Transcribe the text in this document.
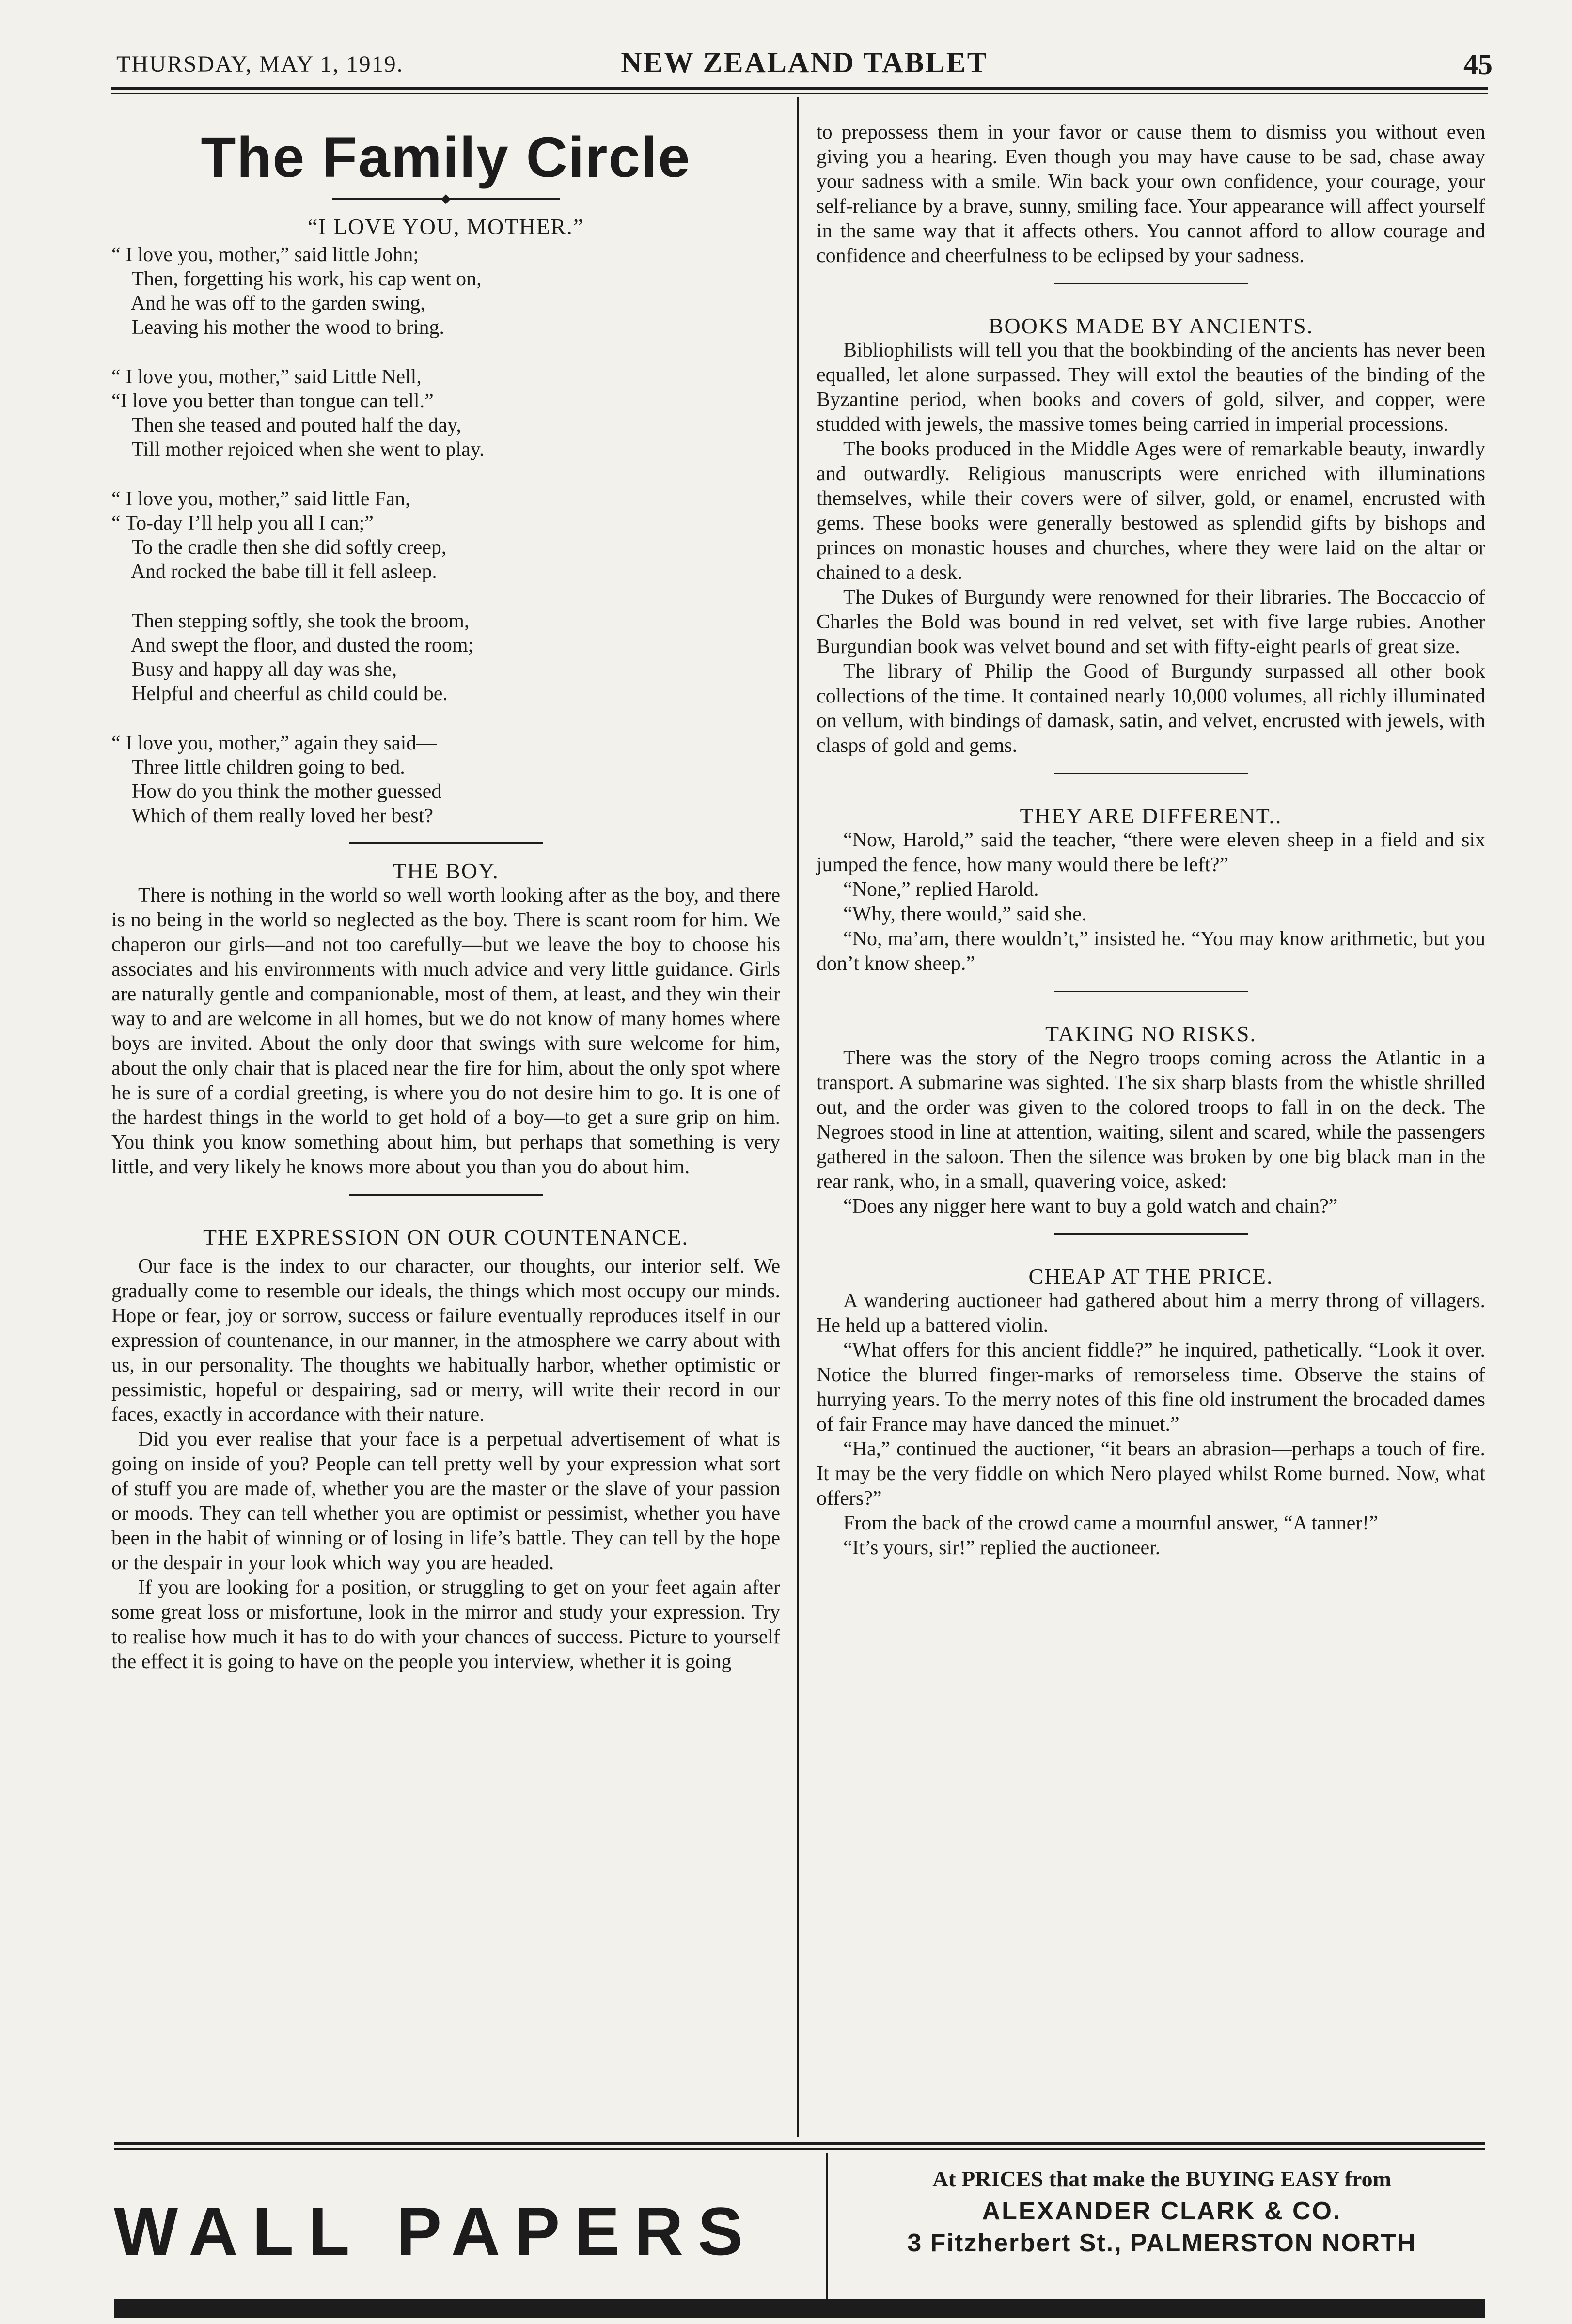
THURSDAY, MAY 1, 1919.	NEW ZEALAND TABLET	45
The Family Circle
◆
“I LOVE YOU, MOTHER.”
“ I love you, mother,” said little John;
Then, forgetting his work, his cap went on,
And he was off to the garden swing,
Leaving his mother the wood to bring.
“ I love you, mother,” said Little Nell,
“I love you better than tongue can tell.”
Then she teased and pouted half the day,
Till mother rejoiced when she went to play.
“ I love you, mother,” said little Fan,
“ To-day I’ll help you all I can;”
To the cradle then she did softly creep,
And rocked the babe till it fell asleep.
Then stepping softly, she took the broom,
And swept the floor, and dusted the room;
Busy and happy all day was she,
Helpful and cheerful as child could be.
“ I love you, mother,” again they said—
Three little children going to bed.
How do you think the mother guessed
Which of them really loved her best?
THE BOY.

There is nothing in the world so well worth looking after as the boy, and there is no being in the world so neglected as the boy. There is scant room for him. We chaperon our girls—and not too carefully—but we leave the boy to choose his associates and his environments with much advice and very little guidance. Girls are naturally gentle and companionable, most of them, at least, and they win their way to and are welcome in all homes, but we do not know of many homes where boys are invited. About the only door that swings with sure welcome for him, about the only chair that is placed near the fire for him, about the only spot where he is sure of a cordial greeting, is where you do not desire him to go. It is one of the hardest things in the world to get hold of a boy—to get a sure grip on him. You think you know something about him, but perhaps that something is very little, and very likely he knows more about you than you do about him.

THE EXPRESSION ON OUR COUNTENANCE.

Our face is the index to our character, our thoughts, our interior self. We gradually come to resemble our ideals, the things which most occupy our minds. Hope or fear, joy or sorrow, success or failure eventually reproduces itself in our expression of countenance, in our manner, in the atmosphere we carry about with us, in our personality. The thoughts we habitually harbor, whether optimistic or pessimistic, hopeful or despairing, sad or merry, will write their record in our faces, exactly in accordance with their nature.

Did you ever realise that your face is a perpetual advertisement of what is going on inside of you? People can tell pretty well by your expression what sort of stuff you are made of, whether you are the master or the slave of your passion or moods. They can tell whether you are optimist or pessimist, whether you have been in the habit of winning or of losing in life’s battle. They can tell by the hope or the despair in your look which way you are headed.

If you are looking for a position, or struggling to get on your feet again after some great loss or misfortune, look in the mirror and study your expression. Try to realise how much it has to do with your chances of success. Picture to yourself the effect it is going to have on the people you interview, whether it is going

to prepossess them in your favor or cause them to dismiss you without even giving you a hearing. Even though you may have cause to be sad, chase away your sadness with a smile. Win back your own confidence, your courage, your self-reliance by a brave, sunny, smiling face. Your appearance will affect yourself in the same way that it affects others. You cannot afford to allow courage and confidence and cheerfulness to be eclipsed by your sadness.

BOOKS MADE BY ANCIENTS.

Bibliophilists will tell you that the bookbinding of the ancients has never been equalled, let alone surpassed. They will extol the beauties of the binding of the Byzantine period, when books and covers of gold, silver, and copper, were studded with jewels, the massive tomes being carried in imperial processions.

The books produced in the Middle Ages were of remarkable beauty, inwardly and outwardly. Religious manuscripts were enriched with illuminations themselves, while their covers were of silver, gold, or enamel, encrusted with gems. These books were generally bestowed as splendid gifts by bishops and princes on monastic houses and churches, where they were laid on the altar or chained to a desk.

The Dukes of Burgundy were renowned for their libraries. The Boccaccio of Charles the Bold was bound in red velvet, set with five large rubies. Another Burgundian book was velvet bound and set with fifty-eight pearls of great size.

The library of Philip the Good of Burgundy surpassed all other book collections of the time. It contained nearly 10,000 volumes, all richly illuminated on vellum, with bindings of damask, satin, and velvet, encrusted with jewels, with clasps of gold and gems.

THEY ARE DIFFERENT..

“Now, Harold,” said the teacher, “there were eleven sheep in a field and six jumped the fence, how many would there be left?”

“None,” replied Harold.

“Why, there would,” said she.

“No, ma’am, there wouldn’t,” insisted he. “You may know arithmetic, but you don’t know sheep.”

TAKING NO RISKS.

There was the story of the Negro troops coming across the Atlantic in a transport. A submarine was sighted. The six sharp blasts from the whistle shrilled out, and the order was given to the colored troops to fall in on the deck. The Negroes stood in line at attention, waiting, silent and scared, while the passengers gathered in the saloon. Then the silence was broken by one big black man in the rear rank, who, in a small, quavering voice, asked:

“Does any nigger here want to buy a gold watch and chain?”

CHEAP AT THE PRICE.

A wandering auctioneer had gathered about him a merry throng of villagers. He held up a battered violin.

“What offers for this ancient fiddle?” he inquired, pathetically. “Look it over. Notice the blurred finger-marks of remorseless time. Observe the stains of hurrying years. To the merry notes of this fine old instrument the brocaded dames of fair France may have danced the minuet.”

“Ha,” continued the auctioner, “it bears an abrasion—perhaps a touch of fire. It may be the very fiddle on which Nero played whilst Rome burned. Now, what offers?”

From the back of the crowd came a mournful answer, “A tanner!”

“It’s yours, sir!” replied the auctioneer.

WALL PAPERS
At PRICES that make the BUYING EASY from
ALEXANDER CLARK & CO.
3 Fitzherbert St., PALMERSTON NORTH
